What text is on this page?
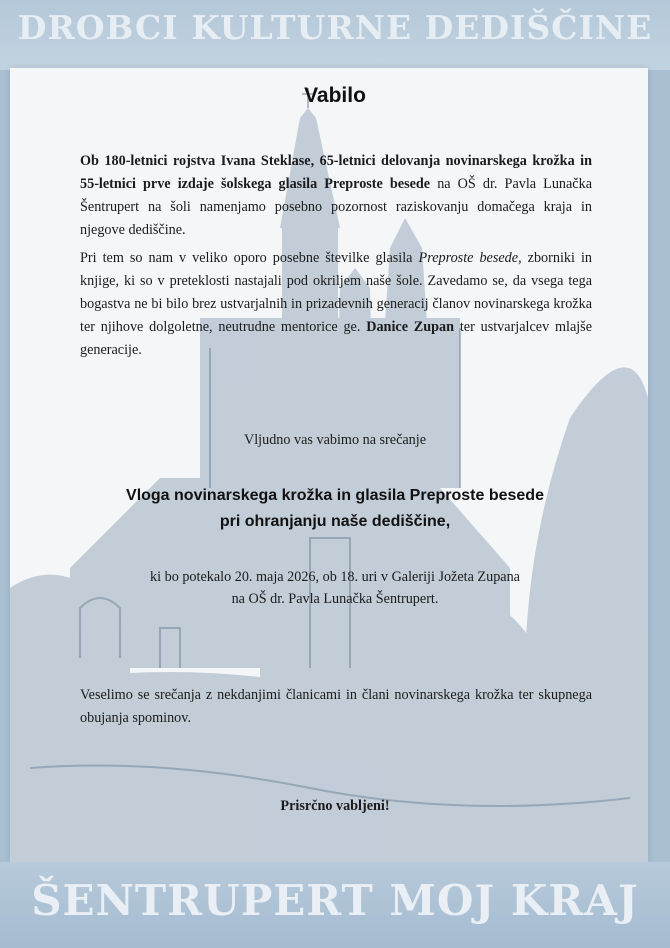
DROBCI KULTURNE DEDIŠČINE
ŠENTRUPERT MOJ KRAJ
Vabilo

Ob 180-letnici rojstva Ivana Steklase, 65-letnici delovanja novinarskega krožka in 55-letnici prve izdaje šolskega glasila Preproste besede na OŠ dr. Pavla Lunačka Šentrupert na šoli namenjamo posebno pozornost raziskovanju domačega kraja in njegove dediščine.

Pri tem so nam v veliko oporo posebne številke glasila Preproste besede, zborniki in knjige, ki so v preteklosti nastajali pod okriljem naše šole. Zavedamo se, da vsega tega bogastva ne bi bilo brez ustvarjalnih in prizadevnih generacij članov novinarskega krožka ter njihove dolgoletne, neutrudne mentorice ge. Danice Zupan ter ustvarjalcev mlajše generacije.

Vljudno vas vabimo na srečanje
Vloga novinarskega krožka in glasila Preproste besede
pri ohranjanju naše dediščine,
ki bo potekalo 20. maja 2026, ob 18. uri v Galeriji Jožeta Zupana
na OŠ dr. Pavla Lunačka Šentrupert.

Veselimo se srečanja z nekdanjimi članicami in člani novinarskega krožka ter skupnega obujanja spominov.

Prisrčno vabljeni!
